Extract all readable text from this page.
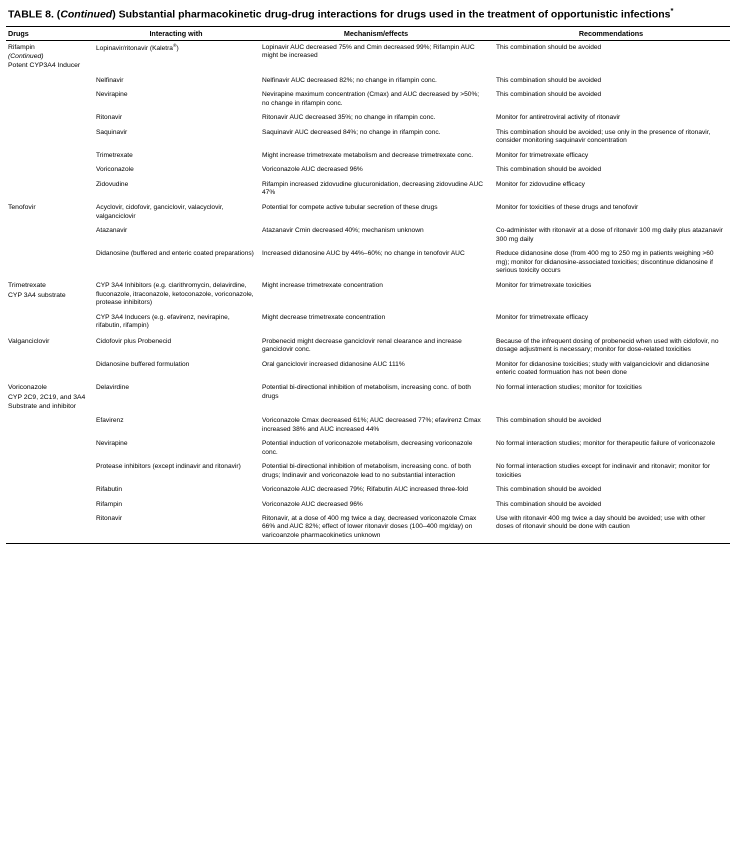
TABLE 8. (Continued) Substantial pharmacokinetic drug-drug interactions for drugs used in the treatment of opportunistic infections*
Drugs	Interacting with	Mechanism/effects	Recommendations

Rifampin
(Continued)
Potent CYP3A4 Inducer	Lopinavir/ritonavir (Kaletra®)	Lopinavir AUC decreased 75% and Cmin decreased 99%; Rifampin AUC might be increased	This combination should be avoided
	Nelfinavir	Nelfinavir AUC decreased 82%; no change in rifampin conc.	This combination should be avoided
	Nevirapine	Nevirapine maximum concentration (Cmax) and AUC decreased by >50%; no change in rifampin conc.	This combination should be avoided
	Ritonavir	Ritonavir AUC decreased 35%; no change in rifampin conc.	Monitor for antiretroviral activity of ritonavir
	Saquinavir	Saquinavir AUC decreased 84%; no change in rifampin conc.	This combination should be avoided; use only in the presence of ritonavir, consider monitoring saquinavir concentration
	Trimetrexate	Might increase trimetrexate metabolism and decrease trimetrexate conc.	Monitor for trimetrexate efficacy
	Voriconazole	Voriconazole AUC decreased 96%	This combination should be avoided
	Zidovudine	Rifampin increased zidovudine glucuronidation, decreasing zidovudine AUC 47%	Monitor for zidovudine efficacy

Tenofovir	Acyclovir, cidofovir, ganciclovir, valacyclovir, valganciclovir	Potential for compete active tubular secretion of these drugs	Monitor for toxicities of these drugs and tenofovir
	Atazanavir	Atazanavir Cmin decreased 40%; mechanism unknown	Co-administer with ritonavir at a dose of ritonavir 100 mg daily plus atazanavir 300 mg daily
	Didanosine (buffered and enteric coated preparations)	Increased didanosine AUC by 44%–60%; no change in tenofovir AUC	Reduce didanosine dose (from 400 mg to 250 mg in patients weighing >60 mg); monitor for didanosine-associated toxicities; discontinue didanosine if serious toxicity occurs

Trimetrexate
CYP 3A4 substrate	CYP 3A4 Inhibitors (e.g. clarithromycin, delavirdine, fluconazole, itraconazole, ketoconazole, voriconazole, protease inhibitors)	Might increase trimetrexate concentration	Monitor for trimetrexate toxicities
	CYP 3A4 Inducers (e.g. efavirenz, nevirapine, rifabutin, rifampin)	Might decrease trimetrexate concentration	Monitor for trimetrexate efficacy

Valganciclovir	Cidofovir plus Probenecid	Probenecid might decrease ganciclovir renal clearance and increase ganciclovir conc.	Because of the infrequent dosing of probenecid when used with cidofovir, no dosage adjustment is necessary; monitor for dose-related toxicities
	Didanosine buffered formulation	Oral ganciclovir increased didanosine AUC 111%	Monitor for didanosine toxicities; study with valganciclovir and didanosine enteric coated formuation has not been done

Voriconazole
CYP 2C9, 2C19, and 3A4 Substrate and inhibitor	Delavirdine	Potential bi-directional inhibition of metabolism, increasing conc. of both drugs	No formal interaction studies; monitor for toxicities
	Efavirenz	Voriconazole Cmax decreased 61%; AUC decreased 77%; efavirenz Cmax increased 38% and AUC increased 44%	This combination should be avoided
	Nevirapine	Potential induction of voriconazole metabolism, decreasing voriconazole conc.	No formal interaction studies; monitor for therapeutic failure of voriconazole
	Protease inhibitors (except indinavir and ritonavir)	Potential bi-directional inhibition of metabolism, increasing conc. of both drugs; Indinavir and voriconazole lead to no substantial interaction	No formal interaction studies except for indinavir and ritonavir; monitor for toxicities
	Rifabutin	Voriconazole AUC decreased 79%; Rifabutin AUC increased three-fold	This combination should be avoided
	Rifampin	Voriconazole AUC decreased 96%	This combination should be avoided
	Ritonavir	Ritonavir, at a dose of 400 mg twice a day, decreased voriconazole Cmax 66% and AUC 82%; effect of lower ritonavir doses (100–400 mg/day) on varicoanzole pharmacokinetics unknown	Use with ritonavir 400 mg twice a day should be avoided; use with other doses of ritonavir should be done with caution
